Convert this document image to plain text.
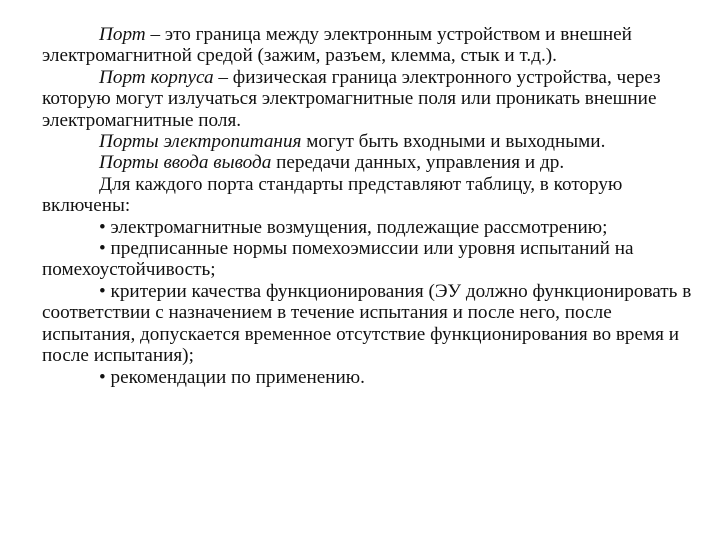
Порт – это граница между электронным устройством и внешней электромагнитной средой (зажим, разъем, клемма, стык и т.д.).

Порт корпуса – физическая граница электронного устройства, через которую могут излучаться электромагнитные поля или проникать внешние электромагнитные поля.

Порты электропитания могут быть входными и выходными.

Порты ввода вывода передачи данных, управления и др.

Для каждого порта стандарты представляют таблицу, в которую включены:

• электромагнитные возмущения, подлежащие рассмотрению;

• предписанные нормы помехоэмиссии или уровня испытаний на помехоустойчивость;

• критерии качества функционирования (ЭУ должно функционировать в соответствии с назначением в течение испытания и после него, после испытания, допускается временное отсутствие функционирования во время и после испытания);

• рекомендации по применению.
